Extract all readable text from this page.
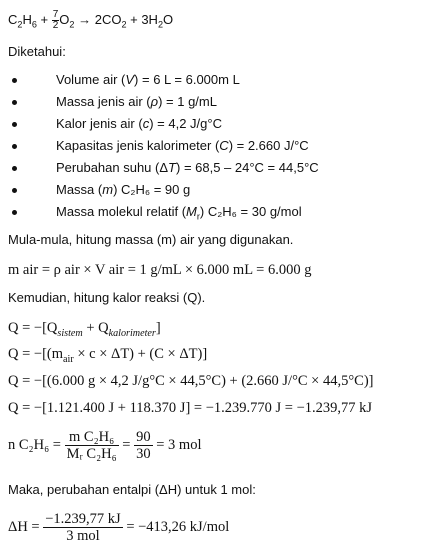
$C_2H_6 + \frac{7}{2} O_2 \to 2CO_2 + 3H_2O$
Diketahui:
Volume air (V) = 6 L = 6.000m L
Massa jenis air (ρ) = 1 g/mL
Kalor jenis air (c) = 4,2 J/g°C
Kapasitas jenis kalorimeter (C) = 2.660 J/°C
Perubahan suhu (ΔT) = 68,5 – 24°C = 44,5°C
Massa (m) C₂H₆ = 90 g
Massa molekul relatif $(M_r) C_2H_6 = 30$ g/mol
Mula-mula, hitung massa (m) air yang digunakan.
m air = ρ air × V air = 1 g/mL × 6.000 mL = 6.000 g
Kemudian, hitung kalor reaksi (Q).
$Q = -[Q_{sistem} + Q_{kalorimeter}]$
$Q = -[(m_{air} \times c \times \Delta T) + (C \times \Delta T)]$
Q = −[(6.000 g × 4,2 J/g°C × 44,5°C) + (2.660 J/°C × 44,5°C)]
Q = −[1.121.400 J + 118.370 J] = −1.239.770 J = −1.239,77 kJ
n $C_2H_6 = \frac{\text{m C₂H₆}}{\text{Mᵣ C₂H₆}} = \frac{90}{30} = 3$ mol
Maka, perubahan entalpi (ΔH) untuk 1 mol:
$\Delta H = \frac{-1.239,77 kJ}{\text{3 mol}} = -413,26$ kJ/mol
